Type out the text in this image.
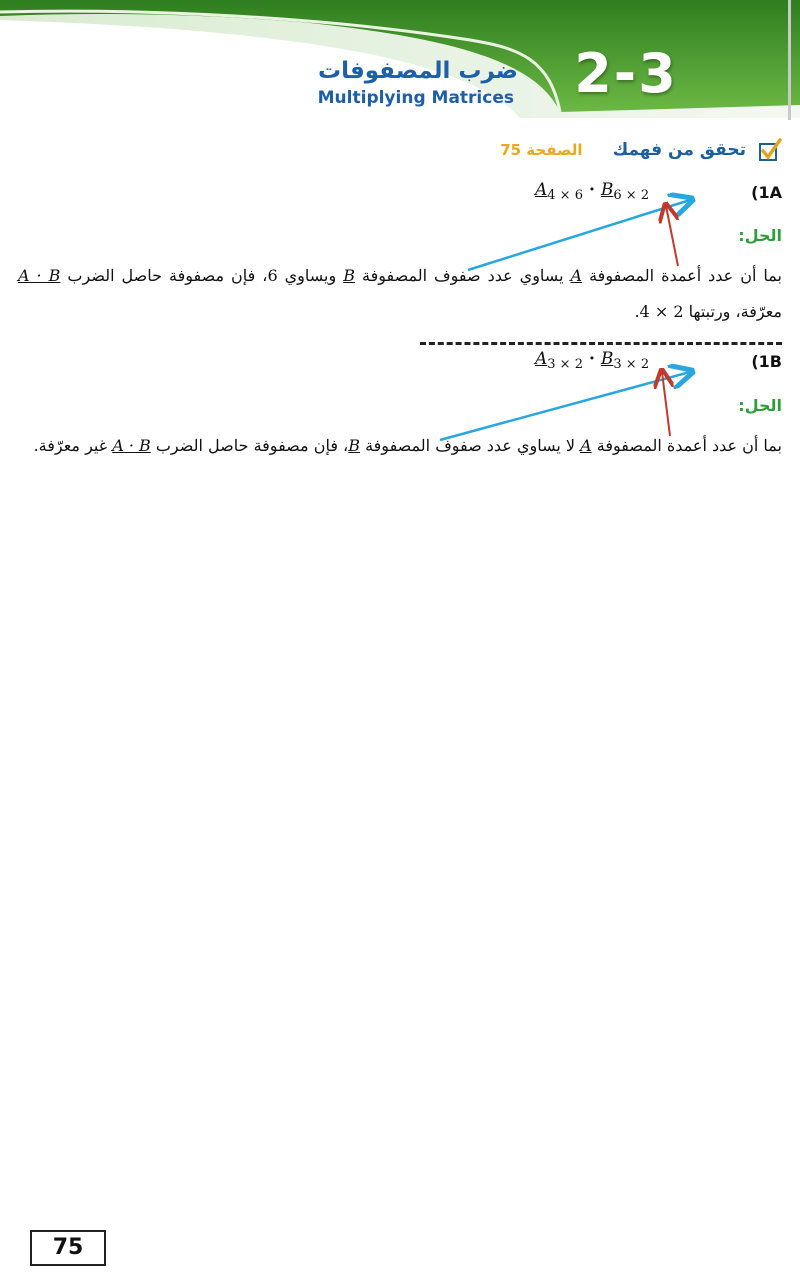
2-3
ضرب المصفوفات
Multiplying Matrices
تحقق من فهمك
الصفحة 75
(1A
$A_{4 \times 6} \cdot B_{6 \times 2}$
الحل:
بما أن عدد أعمدة المصفوفة A يساوي عدد صفوف المصفوفة B ويساوي 6، فإن مصفوفة حاصل الضرب A · B معرّفة، ورتبتها 2 × 4.
(1B
$A_{3 \times 2} \cdot B_{3 \times 2}$
الحل:
بما أن عدد أعمدة المصفوفة A لا يساوي عدد صفوف المصفوفة B، فإن مصفوفة حاصل الضرب A · B غير معرّفة.
75
